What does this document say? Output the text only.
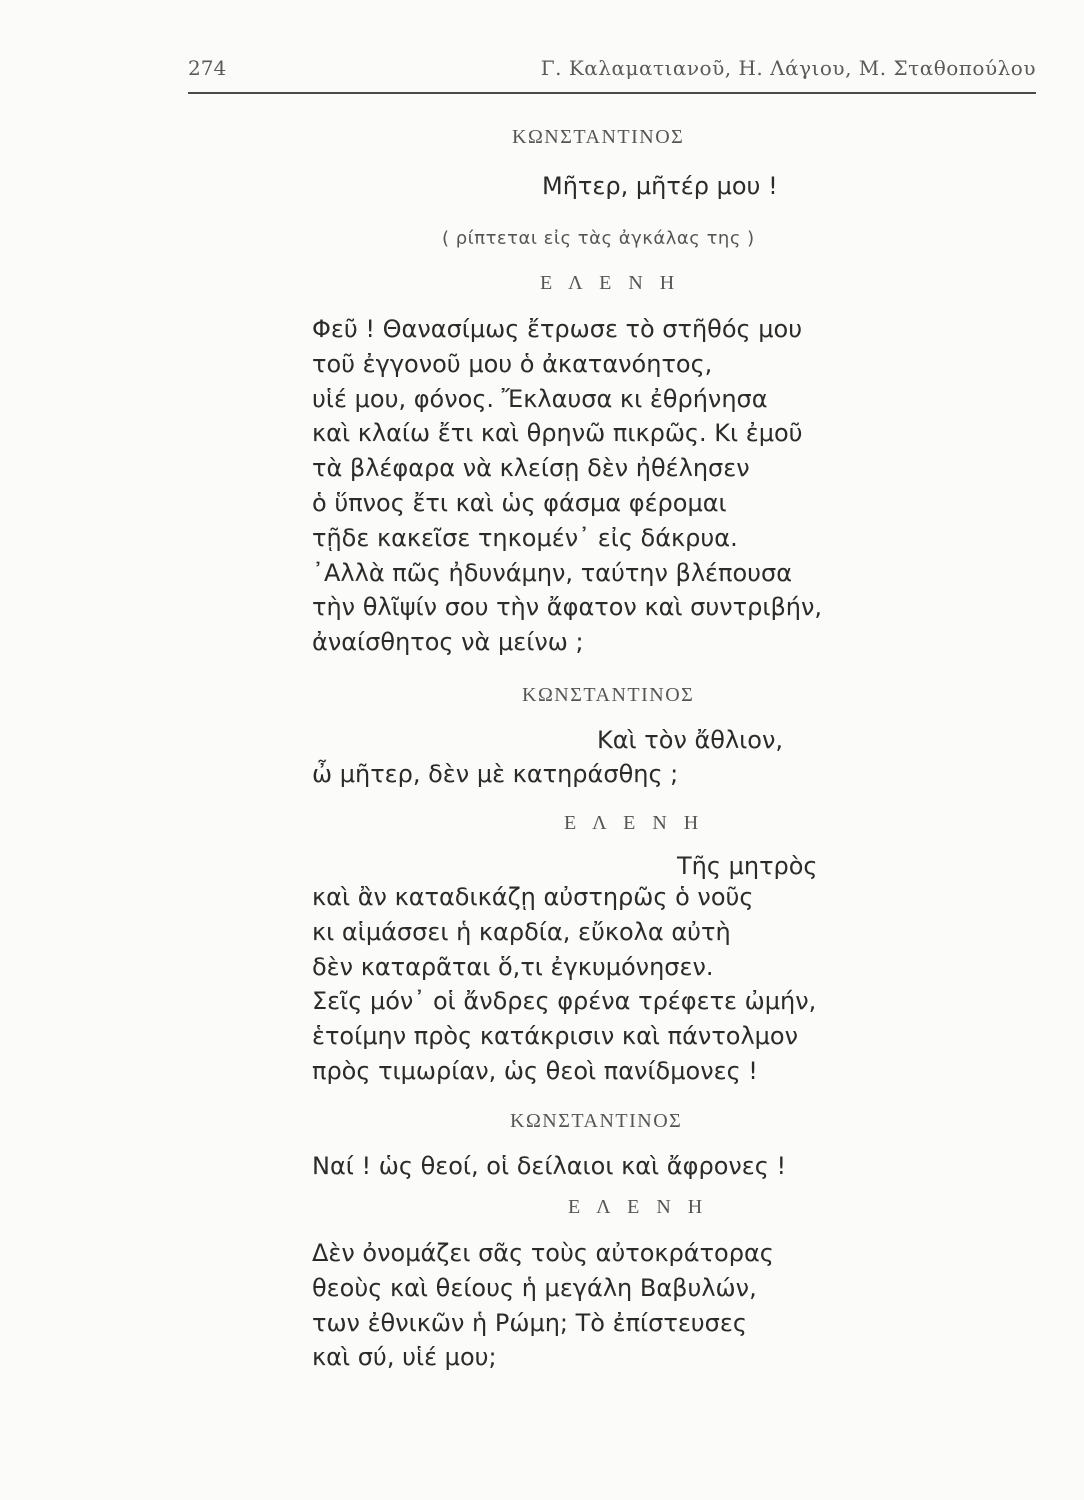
274	Γ. Καλαματιανοῦ, Η. Λάγιου, Μ. Σταθοπούλου
ΚΩΝΣΤΑΝΤΙΝΟΣ
Μῆτερ, μῆτέρ μου !
( ρίπτεται εἰς τὰς ἀγκάλας της )
Ε Λ Ε Ν Η
Φεῦ ! Θανασίμως ἔτρωσε τὸ στῆθός μου
τοῦ ἐγγονοῦ μου ὁ ἀκατανόητος,
υἱέ μου, φόνος. Ἔκλαυσα κι ἐθρήνησα
καὶ κλαίω ἔτι καὶ θρηνῶ πικρῶς. Κι ἐμοῦ
τὰ βλέφαρα νὰ κλείσῃ δὲν ἠθέλησεν
ὁ ὕπνος ἔτι καὶ ὡς φάσμα φέρομαι
τῇδε κακεῖσε τηκομέν᾽ εἰς δάκρυα.
᾽Αλλὰ πῶς ἠδυνάμην, ταύτην βλέπουσα
τὴν θλῖψίν σου τὴν ἄφατον καὶ συντριβήν,
ἀναίσθητος νὰ μείνω ;
ΚΩΝΣΤΑΝΤΙΝΟΣ
Καὶ τὸν ἄθλιον,
ὦ μῆτερ, δὲν μὲ κατηράσθης ;
Ε Λ Ε Ν Η
Τῆς μητρὸς
καὶ ἂν καταδικάζῃ αὐστηρῶς ὁ νοῦς
κι αἱμάσσει ἡ καρδία, εὔκολα αὐτὴ
δὲν καταρᾶται ὅ,τι ἐγκυμόνησεν.
Σεῖς μόν᾽ οἱ ἄνδρες φρένα τρέφετε ὠμήν,
ἑτοίμην πρὸς κατάκρισιν καὶ πάντολμον
πρὸς τιμωρίαν, ὡς θεοὶ πανίδμονες !
ΚΩΝΣΤΑΝΤΙΝΟΣ
Ναί ! ὡς θεοί, οἱ δείλαιοι καὶ ἄφρονες !
Ε Λ Ε Ν Η
Δὲν ὀνομάζει σᾶς τοὺς αὐτοκράτορας
θεοὺς καὶ θείους ἡ μεγάλη Βαβυλών,
των ἐθνικῶν ἡ Ρώμη; Τὸ ἐπίστευσες
καὶ σύ, υἱέ μου;
